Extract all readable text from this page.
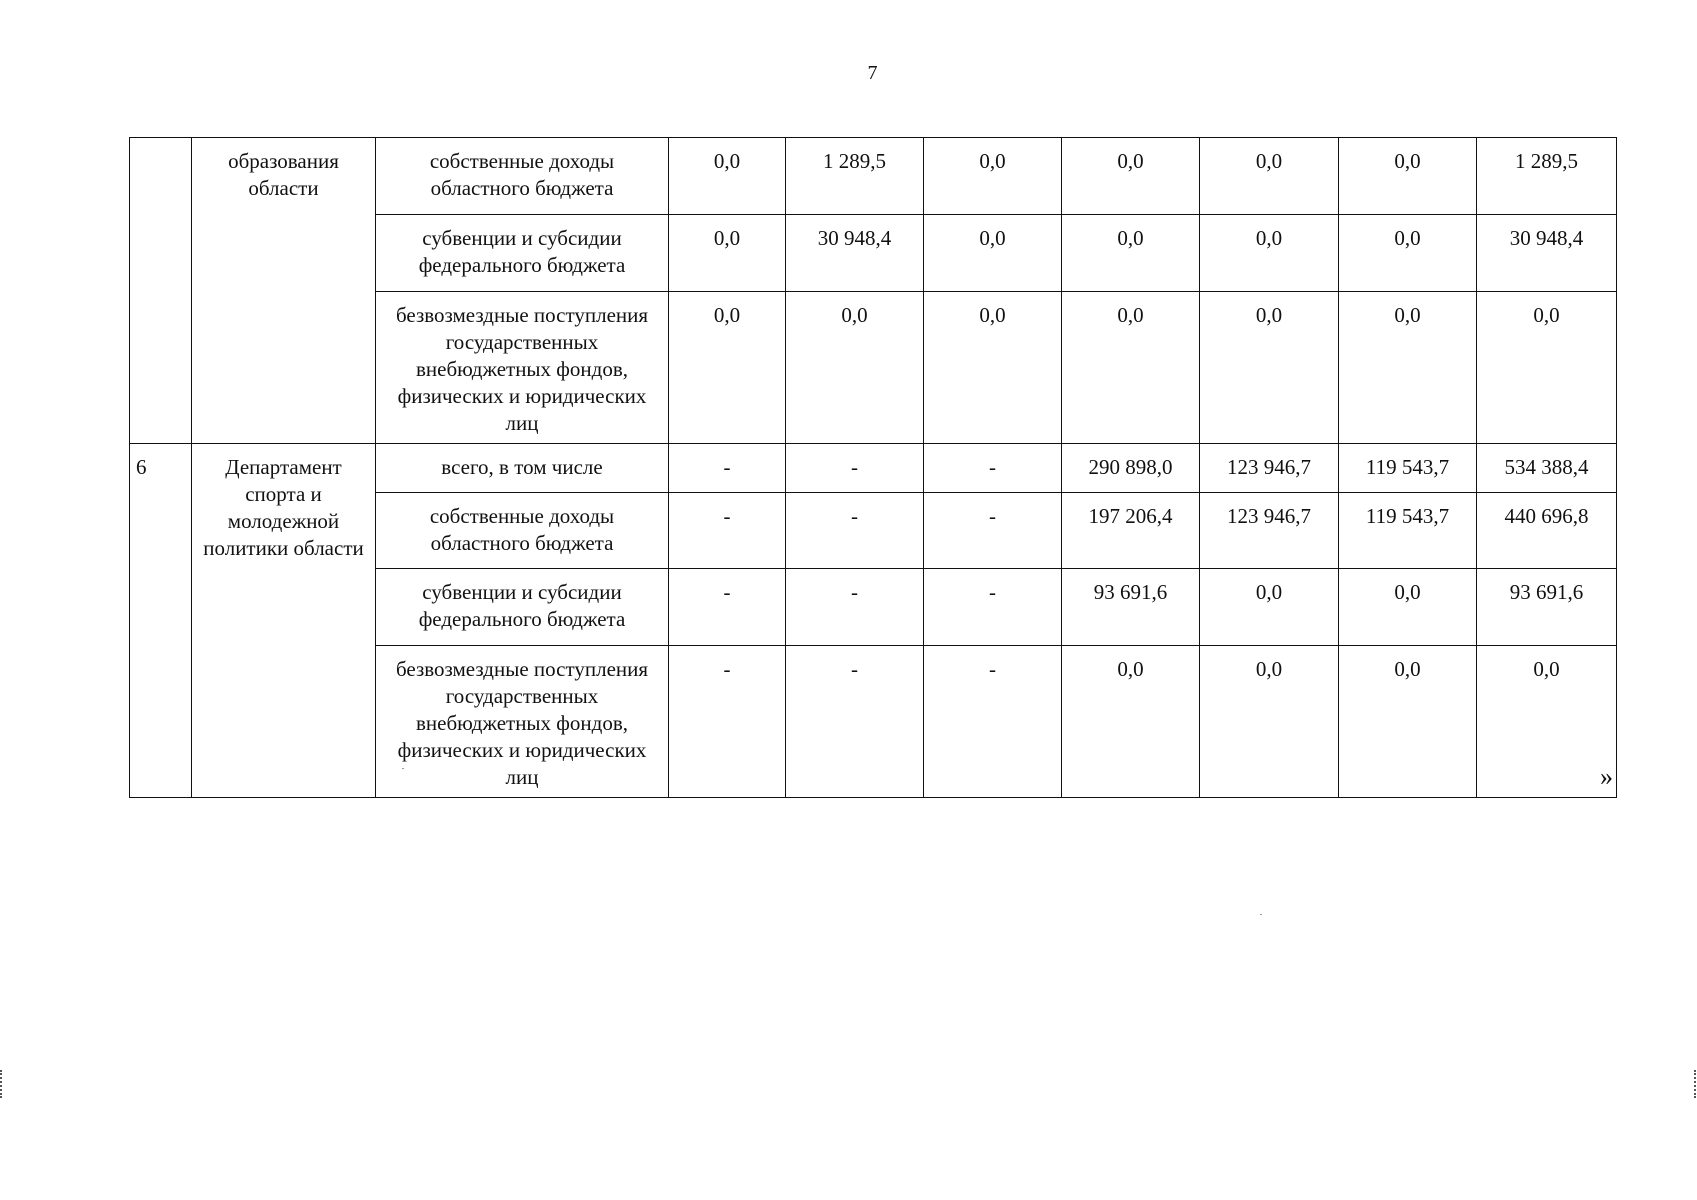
7
	образования области	собственные доходы областного бюджета	0,0	1 289,5	0,0	0,0	0,0	0,0	1 289,5
		субвенции и субсидии федерального бюджета	0,0	30 948,4	0,0	0,0	0,0	0,0	30 948,4
		безвозмездные поступления государственных внебюджетных фондов, физических и юридических лиц	0,0	0,0	0,0	0,0	0,0	0,0	0,0
6	Департамент спорта и молодежной политики области	всего, в том числе	-	-	-	290 898,0	123 946,7	119 543,7	534 388,4
		собственные доходы областного бюджета	-	-	-	197 206,4	123 946,7	119 543,7	440 696,8
		субвенции и субсидии федерального бюджета	-	-	-	93 691,6	0,0	0,0	93 691,6
		безвозмездные поступления государственных внебюджетных фондов, физических и юридических лиц	-	-	-	0,0	0,0	0,0	0,0
»
